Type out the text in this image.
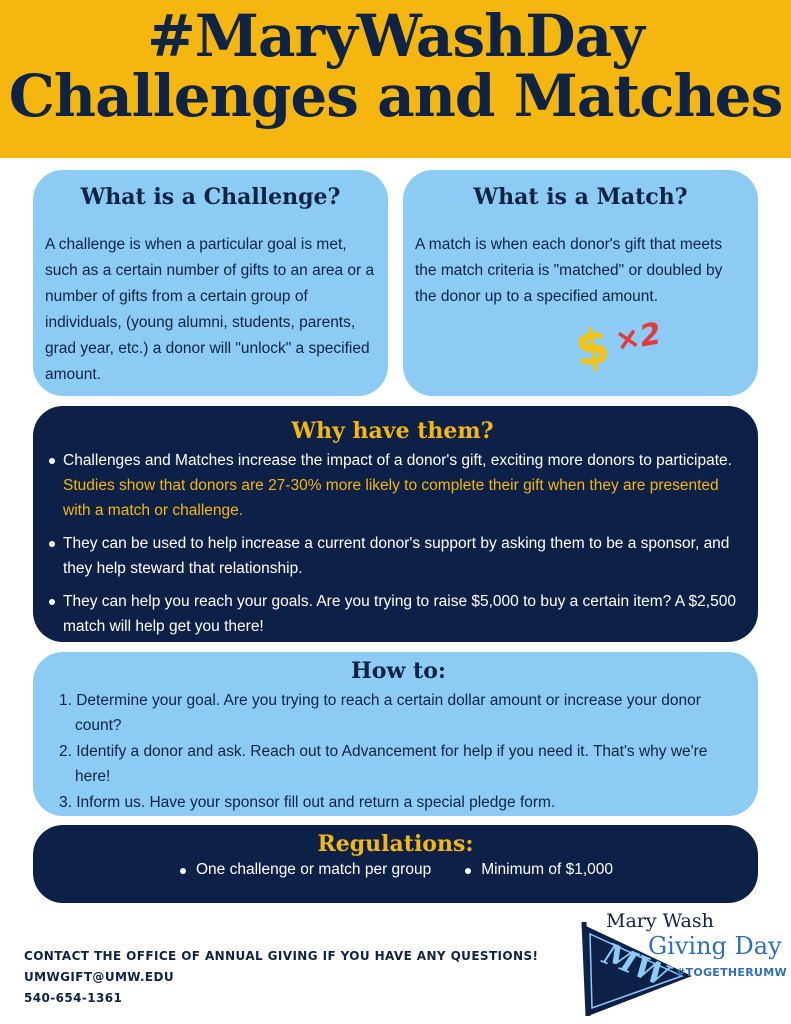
#MaryWashDay
Challenges and Matches
What is a Challenge?

A challenge is when a particular goal is met, such as a certain number of gifts to an area or a number of gifts from a certain group of individuals, (young alumni, students, parents, grad year, etc.) a donor will "unlock" a specified amount.

What is a Match?

A match is when each donor's gift that meets the match criteria is "matched" or doubled by the donor up to a specified amount.

$ ×2
Why have them?
Challenges and Matches increase the impact of a donor's gift, exciting more donors to participate. Studies show that donors are 27-30% more likely to complete their gift when they are presented with a match or challenge.
They can be used to help increase a current donor's support by asking them to be a sponsor, and they help steward that relationship.
They can help you reach your goals. Are you trying to raise $5,000 to buy a certain item? A $2,500 match will help get you there!
How to:
1. Determine your goal. Are you trying to reach a certain dollar amount or increase your donor count?
2. Identify a donor and ask. Reach out to Advancement for help if you need it. That's why we're here!
3. Inform us. Have your sponsor fill out and return a special pledge form.
Regulations:
One challenge or match per group	Minimum of $1,000
CONTACT THE OFFICE OF ANNUAL GIVING IF YOU HAVE ANY QUESTIONS!
UMWGIFT@UMW.EDU
540-654-1361
MW
Mary Wash
Giving Day
#TOGETHERUMW
